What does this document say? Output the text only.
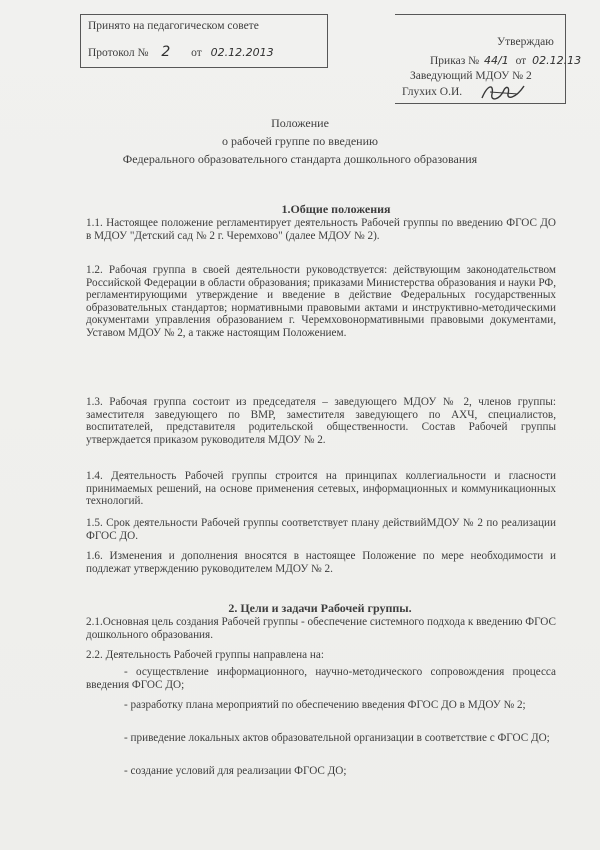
Принято на педагогическом совете
Протокол № 2 от 02.12.2013
Утверждаю
Приказ № 44/1 от 02.12.13
Заведующий МДОУ № 2
Глухих О.И.
Положение
о рабочей группе по введению
Федерального образовательного стандарта дошкольного образования
1.Общие положения
1.1. Настоящее положение регламентирует деятельность Рабочей группы по введению ФГОС ДО в МДОУ "Детский сад № 2 г. Черемхово" (далее МДОУ № 2).
1.2. Рабочая группа в своей деятельности руководствуется: действующим законодательством Российской Федерации в области образования; приказами Министерства образования и науки РФ, регламентирующими утверждение и введение в действие Федеральных государственных образовательных стандартов; нормативными правовыми актами и инструктивно-методическими документами управления образованием г. Черемховонормативными правовыми документами, Уставом МДОУ № 2, а также настоящим Положением.
1.3. Рабочая группа состоит из председателя – заведующего МДОУ № 2, членов группы: заместителя заведующего по ВМР, заместителя заведующего по АХЧ, специалистов, воспитателей, представителя родительской общественности. Состав Рабочей группы утверждается приказом руководителя МДОУ № 2.
1.4. Деятельность Рабочей группы строится на принципах коллегиальности и гласности принимаемых решений, на основе применения сетевых, информационных и коммуникационных технологий.
1.5. Срок деятельности Рабочей группы соответствует плану действийМДОУ № 2 по реализации ФГОС ДО.
1.6. Изменения и дополнения вносятся в настоящее Положение по мере необходимости и подлежат утверждению руководителем МДОУ № 2.
2. Цели и задачи Рабочей группы.
2.1.Основная цель создания Рабочей группы - обеспечение системного подхода к введению ФГОС дошкольного образования.
2.2. Деятельность Рабочей группы направлена на:
- осуществление информационного, научно-методического сопровождения процесса введения ФГОС ДО;
- разработку плана мероприятий по обеспечению введения ФГОС ДО в МДОУ № 2;
- приведение локальных актов образовательной организации в соответствие с ФГОС ДО;
- создание условий для реализации ФГОС ДО;
